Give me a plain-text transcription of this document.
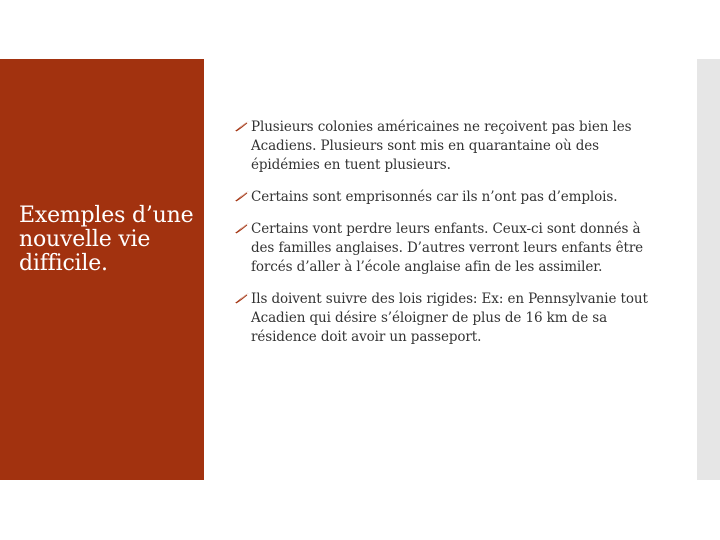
Exemples d’une nouvelle vie difficile.
Plusieurs colonies américaines ne reçoivent pas bien les Acadiens. Plusieurs sont mis en quarantaine où des épidémies en tuent plusieurs.
Certains sont emprisonnés car ils n’ont pas d’emplois.
Certains vont perdre leurs enfants. Ceux-ci sont donnés à des familles anglaises. D’autres verront leurs enfants être forcés d’aller à l’école anglaise afin de les assimiler.
Ils doivent suivre des lois rigides: Ex: en Pennsylvanie tout Acadien qui désire s’éloigner de plus de 16 km de sa résidence doit avoir un passeport.
